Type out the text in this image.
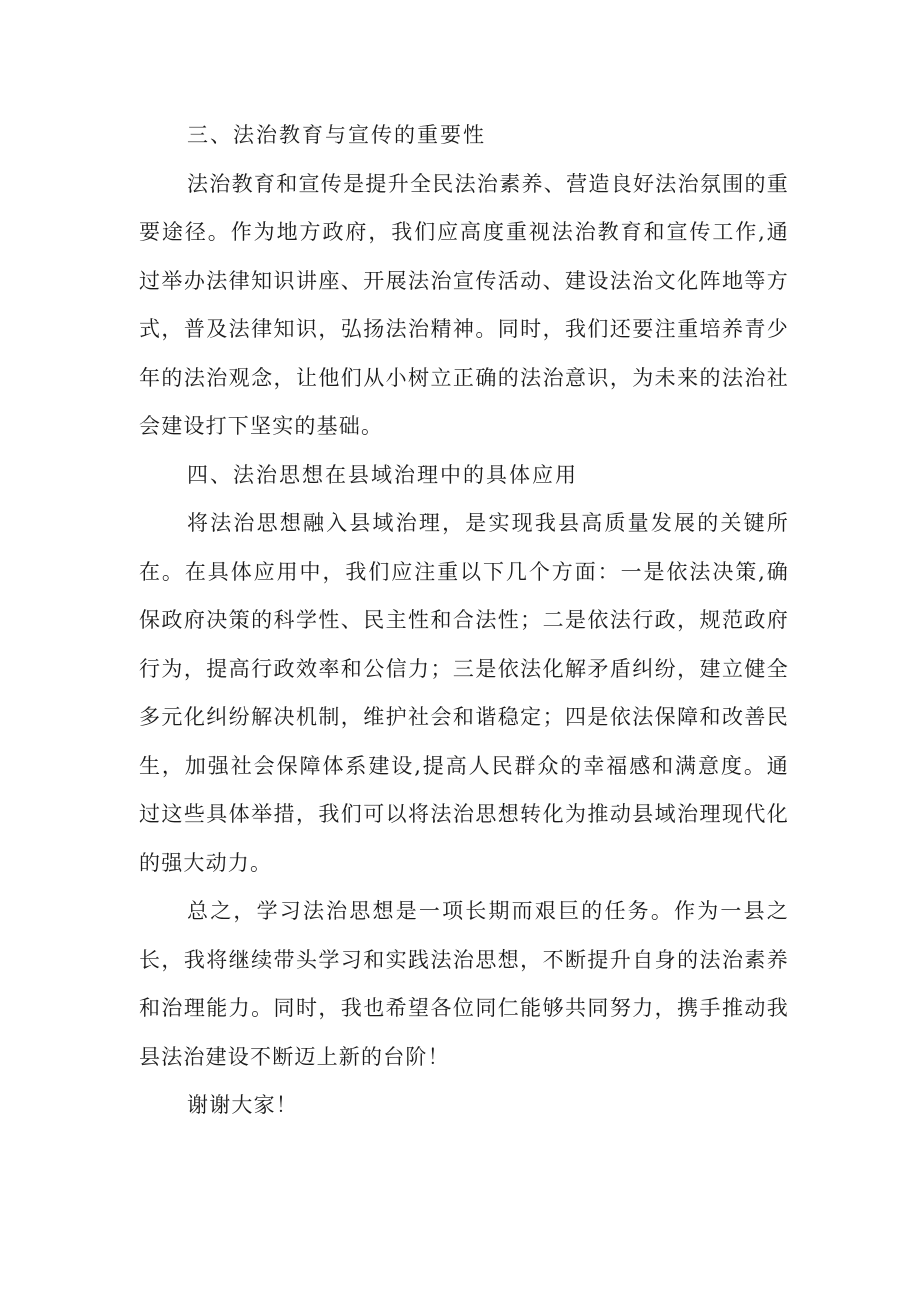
三、法治教育与宣传的重要性

法治教育和宣传是提升全民法治素养、营造良好法治氛围的重要途径。作为地方政府，我们应高度重视法治教育和宣传工作,通过举办法律知识讲座、开展法治宣传活动、建设法治文化阵地等方式，普及法律知识，弘扬法治精神。同时，我们还要注重培养青少年的法治观念，让他们从小树立正确的法治意识，为未来的法治社会建设打下坚实的基础。

四、法治思想在县域治理中的具体应用

将法治思想融入县域治理，是实现我县高质量发展的关键所在。在具体应用中，我们应注重以下几个方面：一是依法决策,确保政府决策的科学性、民主性和合法性；二是依法行政，规范政府行为，提高行政效率和公信力；三是依法化解矛盾纠纷，建立健全多元化纠纷解决机制，维护社会和谐稳定；四是依法保障和改善民生，加强社会保障体系建设,提高人民群众的幸福感和满意度。通过这些具体举措，我们可以将法治思想转化为推动县域治理现代化的强大动力。

总之，学习法治思想是一项长期而艰巨的任务。作为一县之长，我将继续带头学习和实践法治思想，不断提升自身的法治素养和治理能力。同时，我也希望各位同仁能够共同努力，携手推动我县法治建设不断迈上新的台阶！

谢谢大家！
